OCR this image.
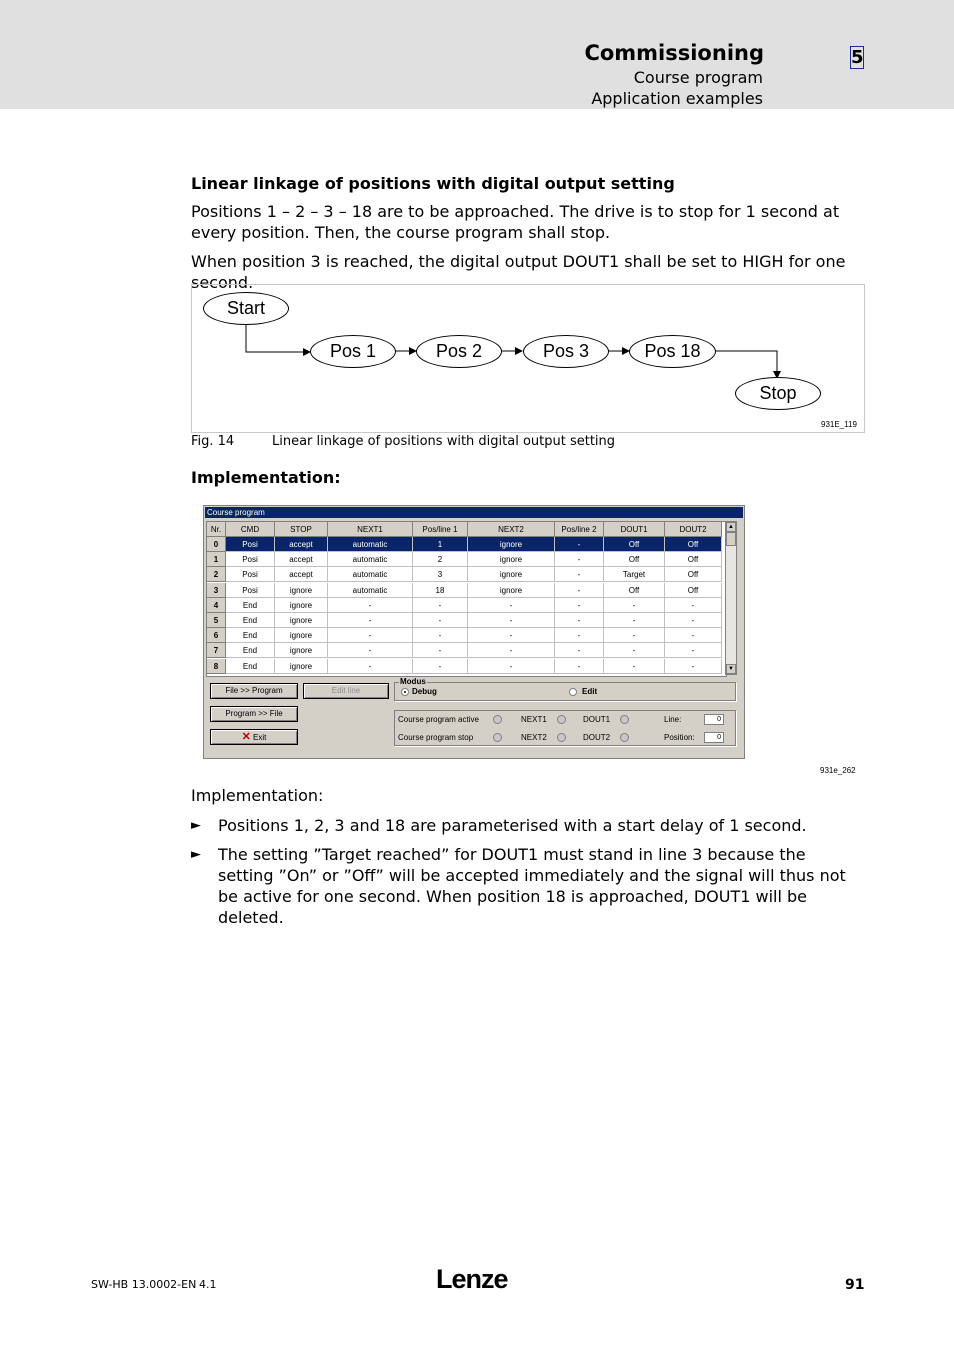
Commissioning
Course program
Application examples
5
Linear linkage of positions with digital output setting
Positions 1 – 2 – 3 – 18 are to be approached. The drive is to stop for 1 second at every position. Then, the course program shall stop.
When position 3 is reached, the digital output DOUT1 shall be set to HIGH for one second.
Start
Pos 1	Pos 2	Pos 3	Pos 18
Stop
931E_119
Fig. 14	Linear linkage of positions with digital output setting
Implementation:
Course program
Nr.	CMD	STOP	NEXT1	Pos/line 1	NEXT2	Pos/line 2	DOUT1	DOUT2
0	Posi	accept	automatic	1	ignore	-	Off	Off
1	Posi	accept	automatic	2	ignore	-	Off	Off
2	Posi	accept	automatic	3	ignore	-	Target	Off
3	Posi	ignore	automatic	18	ignore	-	Off	Off
4	End	ignore	-	-	-	-	-	-
5	End	ignore	-	-	-	-	-	-
6	End	ignore	-	-	-	-	-	-
7	End	ignore	-	-	-	-	-	-
8	End	ignore	-	-	-	-	-	-
▲
▼
File >> Program	Edit line
Program >> File
✕ Exit
Modus
Debug	Edit
Course program active
Course program stop
NEXT1
NEXT2
DOUT1
DOUT2
Line:	0
Position:	0
931e_262
Implementation:
► Positions 1, 2, 3 and 18 are parameterised with a start delay of 1 second.
► The setting ”Target reached” for DOUT1 must stand in line 3 because the setting ”On” or ”Off” will be accepted immediately and the signal will thus not be active for one second. When position 18 is approached, DOUT1 will be deleted.
SW-HB 13.0002-EN 4.1	Lenze	91
